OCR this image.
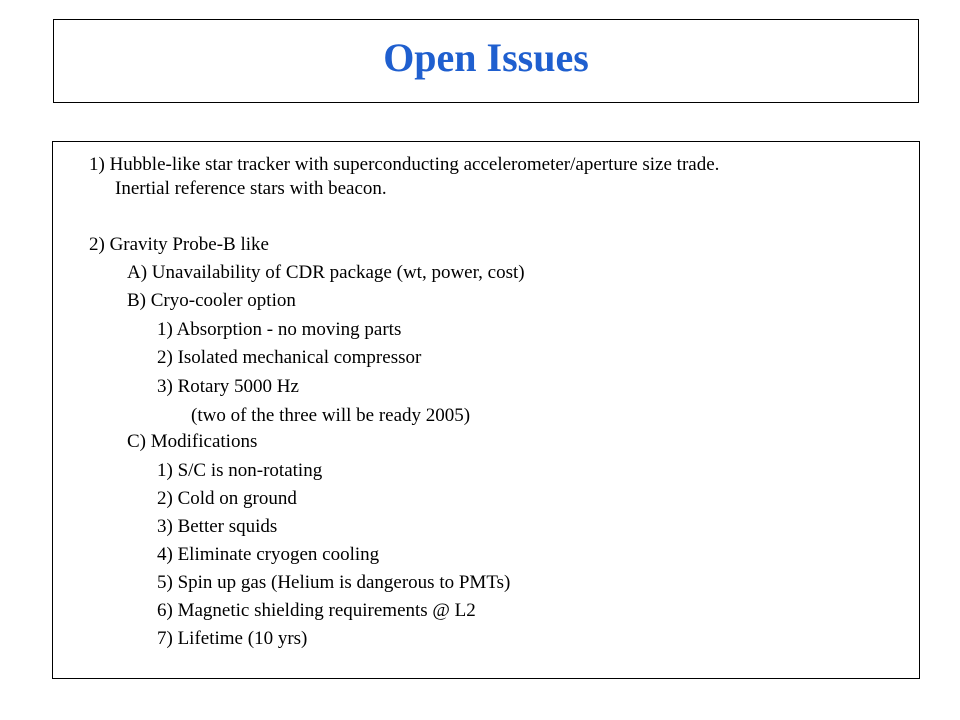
Open Issues

1) Hubble-like star tracker with superconducting accelerometer/aperture size trade.

Inertial reference stars with beacon.

2) Gravity Probe-B like

A) Unavailability of CDR package (wt, power, cost)

B) Cryo-cooler option

1) Absorption - no moving parts

2) Isolated mechanical compressor

3) Rotary 5000 Hz

(two of the three will be ready 2005)

C) Modifications

1) S/C is non-rotating

2) Cold on ground

3) Better squids

4) Eliminate cryogen cooling

5) Spin up gas (Helium is dangerous to PMTs)

6) Magnetic shielding requirements @ L2

7) Lifetime (10 yrs)
